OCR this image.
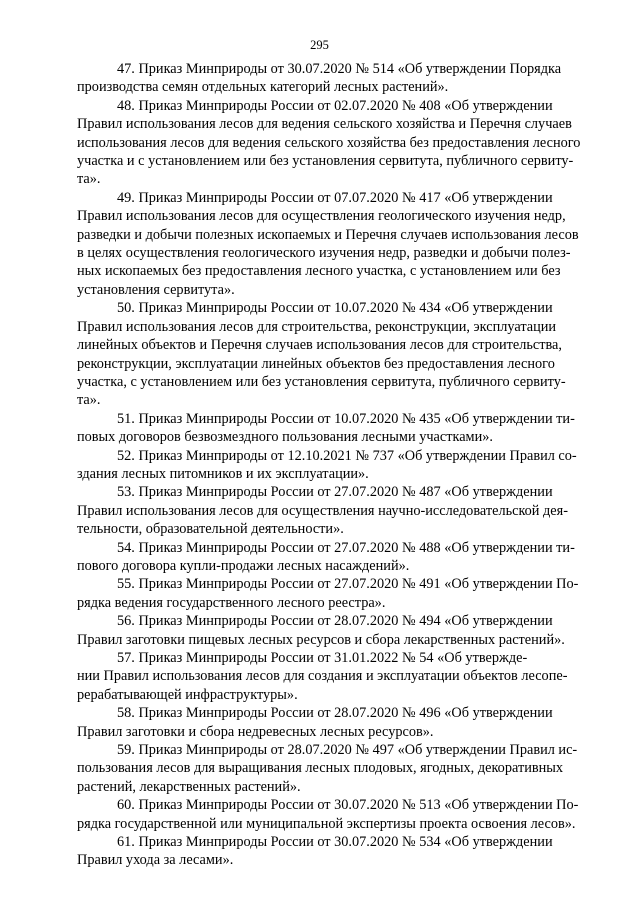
295
47. Приказ Минприроды от 30.07.2020 № 514 «Об утверждении Порядка
производства семян отдельных категорий лесных растений».
48. Приказ Минприроды России от 02.07.2020 № 408 «Об утверждении
Правил использования лесов для ведения сельского хозяйства и Перечня случаев
использования лесов для ведения сельского хозяйства без предоставления лесного
участка и с установлением или без установления сервитута, публичного сервиту-
та».
49. Приказ Минприроды России от 07.07.2020 № 417 «Об утверждении
Правил использования лесов для осуществления геологического изучения недр,
разведки и добычи полезных ископаемых и Перечня случаев использования лесов
в целях осуществления геологического изучения недр, разведки и добычи полез-
ных ископаемых без предоставления лесного участка, с установлением или без
установления сервитута».
50. Приказ Минприроды России от 10.07.2020 № 434 «Об утверждении
Правил использования лесов для строительства, реконструкции, эксплуатации
линейных объектов и Перечня случаев использования лесов для строительства,
реконструкции, эксплуатации линейных объектов без предоставления лесного
участка, с установлением или без установления сервитута, публичного сервиту-
та».
51. Приказ Минприроды России от 10.07.2020 № 435 «Об утверждении ти-
повых договоров безвозмездного пользования лесными участками».
52. Приказ Минприроды от 12.10.2021 № 737 «Об утверждении Правил со-
здания лесных питомников и их эксплуатации».
53. Приказ Минприроды России от 27.07.2020 № 487 «Об утверждении
Правил использования лесов для осуществления научно-исследовательской дея-
тельности, образовательной деятельности».
54. Приказ Минприроды России от 27.07.2020 № 488 «Об утверждении ти-
пового договора купли-продажи лесных насаждений».
55. Приказ Минприроды России от 27.07.2020 № 491 «Об утверждении По-
рядка ведения государственного лесного реестра».
56. Приказ Минприроды России от 28.07.2020 № 494 «Об утверждении
Правил заготовки пищевых лесных ресурсов и сбора лекарственных растений».
57. Приказ Минприроды России от 31.01.2022 № 54 «Об утвержде-
нии Правил использования лесов для создания и эксплуатации объектов лесопе-
рерабатывающей инфраструктуры».
58. Приказ Минприроды России от 28.07.2020 № 496 «Об утверждении
Правил заготовки и сбора недревесных лесных ресурсов».
59. Приказ Минприроды от 28.07.2020 № 497 «Об утверждении Правил ис-
пользования лесов для выращивания лесных плодовых, ягодных, декоративных
растений, лекарственных растений».
60. Приказ Минприроды России от 30.07.2020 № 513 «Об утверждении По-
рядка государственной или муниципальной экспертизы проекта освоения лесов».
61. Приказ Минприроды России от 30.07.2020 № 534 «Об утверждении
Правил ухода за лесами».
